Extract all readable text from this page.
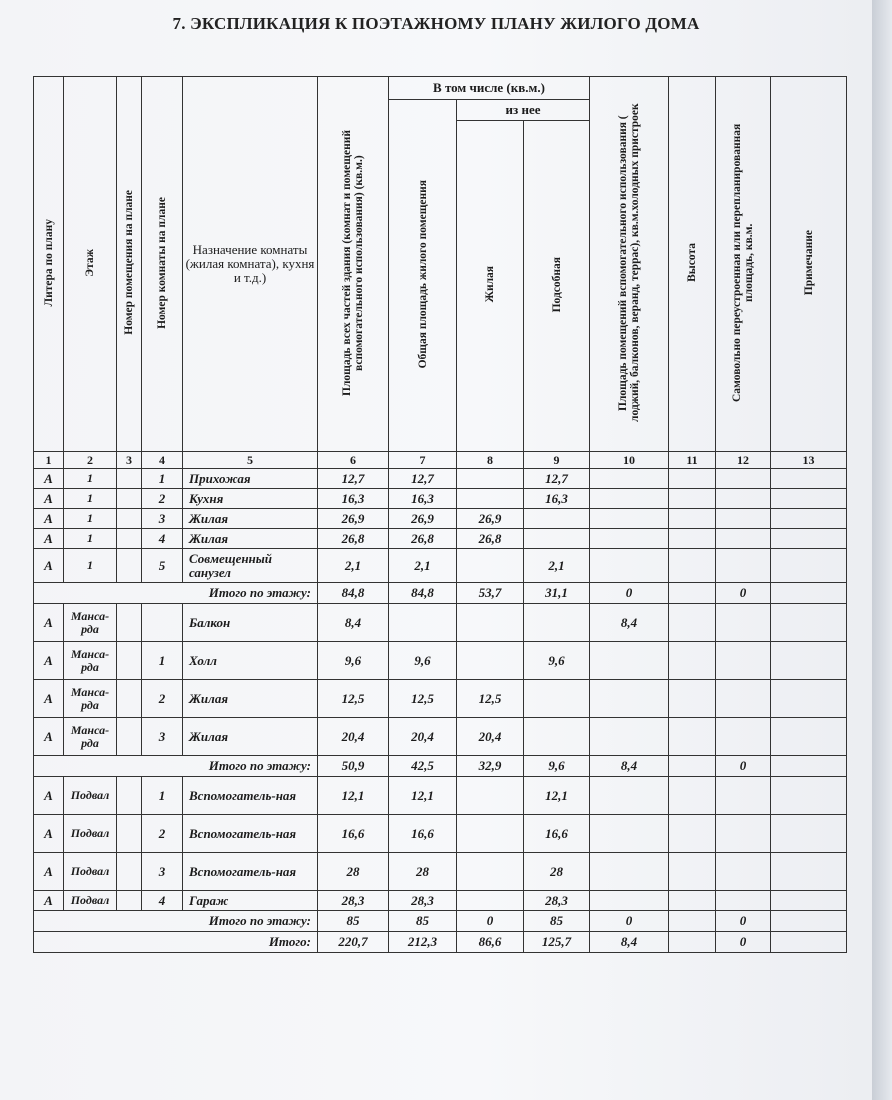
7. ЭКСПЛИКАЦИЯ К ПОЭТАЖНОМУ ПЛАНУ ЖИЛОГО ДОМА
Литера по плану	Этаж	Номер помещения на плане	Номер комнаты на плане	Назначение комнаты (жилая комната), кухня и т.д.)	Площадь всех частей здания (комнат и помещений вспомогательного использования) (кв.м.)	В том числе (кв.м.)			Площадь помещений вспомогательного использования ( лоджий, балконов, веранд, террас), кв.м.холодных пристроек	Высота	Самовольно переустроенная или перепланированная площадь, кв.м.	Примечание
						Общая площадь жилого помещения	из нее					
							Жилая	Подсобная				
1	2	3	4	5	6	7	8	9	10	11	12	13
А	1		1	Прихожая	12,7	12,7		12,7				
А	1		2	Кухня	16,3	16,3		16,3				
А	1		3	Жилая	26,9	26,9	26,9					
А	1		4	Жилая	26,8	26,8	26,8					
А	1		5	Совмещенный санузел	2,1	2,1		2,1				
Итого по этажу:					84,8	84,8	53,7	31,1	0		0	
А	Манса-рда			Балкон	8,4				8,4			
А	Манса-рда		1	Холл	9,6	9,6		9,6				
А	Манса-рда		2	Жилая	12,5	12,5	12,5					
А	Манса-рда		3	Жилая	20,4	20,4	20,4					
Итого по этажу:					50,9	42,5	32,9	9,6	8,4		0	
А	Подвал		1	Вспомогатель-ная	12,1	12,1		12,1				
А	Подвал		2	Вспомогатель-ная	16,6	16,6		16,6				
А	Подвал		3	Вспомогатель-ная	28	28		28				
А	Подвал		4	Гараж	28,3	28,3		28,3				
Итого по этажу:					85	85	0	85	0		0	
Итого:					220,7	212,3	86,6	125,7	8,4		0	
